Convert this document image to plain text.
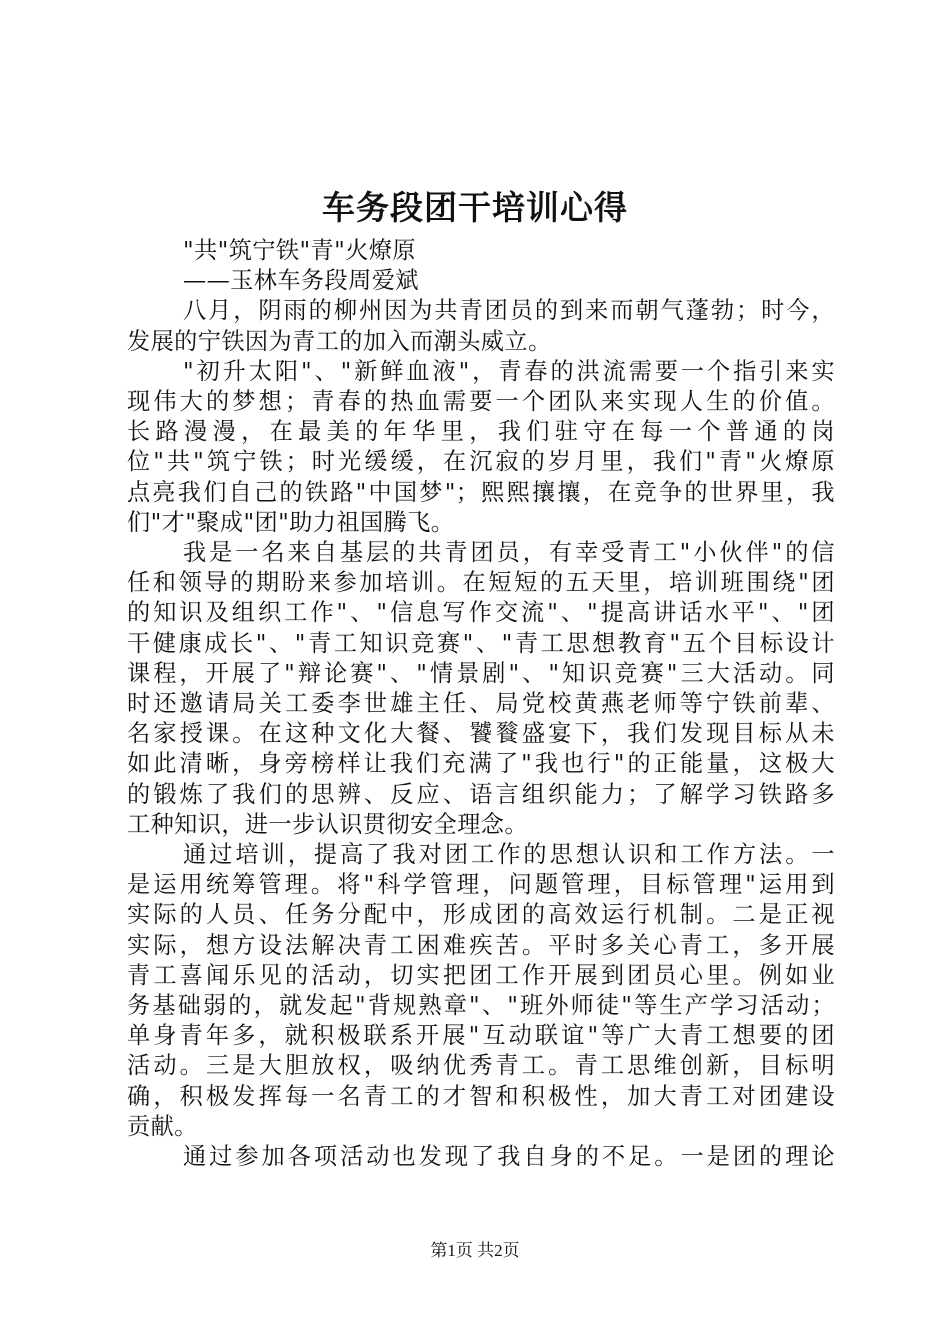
车务段团干培训心得
"共"筑宁铁"青"火燎原
——玉林车务段周爱斌
八月，阴雨的柳州因为共青团员的到来而朝气蓬勃；时今，
发展的宁铁因为青工的加入而潮头威立。
"初升太阳"、"新鲜血液"，青春的洪流需要一个指引来实
现伟大的梦想；青春的热血需要一个团队来实现人生的价值。
长路漫漫，在最美的年华里，我们驻守在每一个普通的岗
位"共"筑宁铁；时光缓缓，在沉寂的岁月里，我们"青"火燎原
点亮我们自己的铁路"中国梦"；熙熙攘攘，在竞争的世界里，我
们"才"聚成"团"助力祖国腾飞。
我是一名来自基层的共青团员，有幸受青工"小伙伴"的信
任和领导的期盼来参加培训。在短短的五天里，培训班围绕"团
的知识及组织工作"、"信息写作交流"、"提高讲话水平"、"团
干健康成长"、"青工知识竞赛"、"青工思想教育"五个目标设计
课程，开展了"辩论赛"、"情景剧"、"知识竞赛"三大活动。同
时还邀请局关工委李世雄主任、局党校黄燕老师等宁铁前辈、
名家授课。在这种文化大餐、饕餮盛宴下，我们发现目标从未
如此清晰，身旁榜样让我们充满了"我也行"的正能量，这极大
的锻炼了我们的思辨、反应、语言组织能力；了解学习铁路多
工种知识，进一步认识贯彻安全理念。
通过培训，提高了我对团工作的思想认识和工作方法。一
是运用统筹管理。将"科学管理，问题管理，目标管理"运用到
实际的人员、任务分配中，形成团的高效运行机制。二是正视
实际，想方设法解决青工困难疾苦。平时多关心青工，多开展
青工喜闻乐见的活动，切实把团工作开展到团员心里。例如业
务基础弱的，就发起"背规熟章"、"班外师徒"等生产学习活动；
单身青年多，就积极联系开展"互动联谊"等广大青工想要的团
活动。三是大胆放权，吸纳优秀青工。青工思维创新，目标明
确，积极发挥每一名青工的才智和积极性，加大青工对团建设
贡献。
通过参加各项活动也发现了我自身的不足。一是团的理论
第1页 共2页
